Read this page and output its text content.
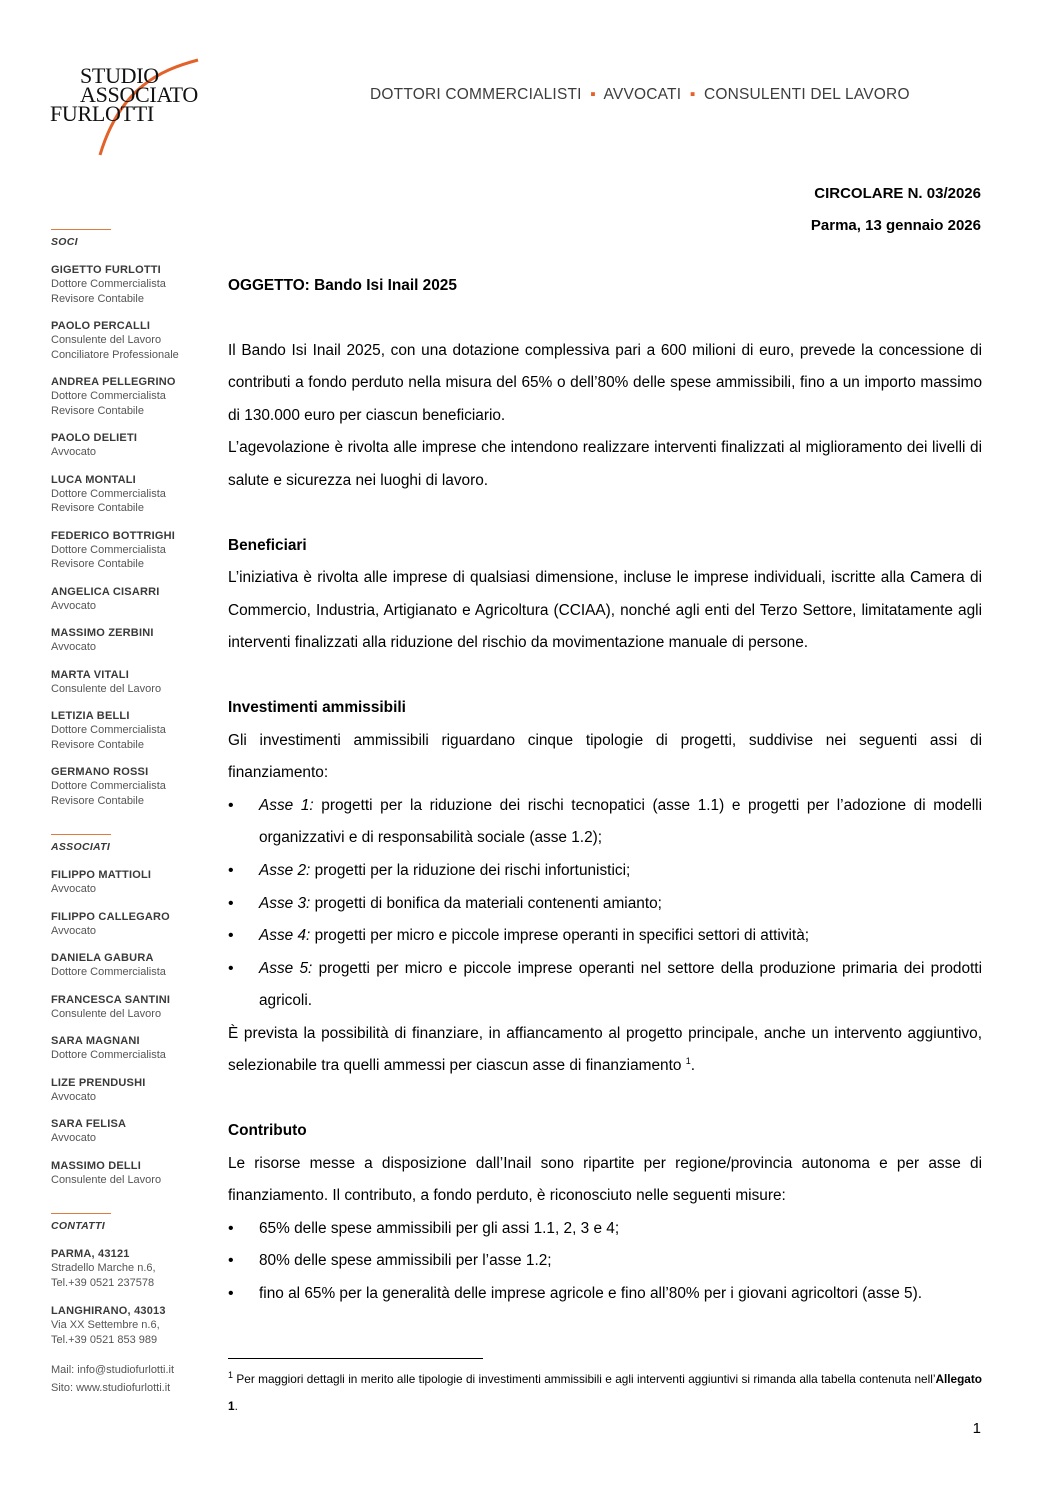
STUDIO
ASSOCIATO
FURLOTTI
DOTTORI COMMERCIALISTI ▪ AVVOCATI ▪ CONSULENTI DEL LAVORO
SOCI
GIGETTO FURLOTTI
Dottore Commercialista
Revisore Contabile
PAOLO PERCALLI
Consulente del Lavoro
Conciliatore Professionale
ANDREA PELLEGRINO
Dottore Commercialista
Revisore Contabile
PAOLO DELIETI
Avvocato
LUCA MONTALI
Dottore Commercialista
Revisore Contabile
FEDERICO BOTTRIGHI
Dottore Commercialista
Revisore Contabile
ANGELICA CISARRI
Avvocato
MASSIMO ZERBINI
Avvocato
MARTA VITALI
Consulente del Lavoro
LETIZIA BELLI
Dottore Commercialista
Revisore Contabile
GERMANO ROSSI
Dottore Commercialista
Revisore Contabile
ASSOCIATI
FILIPPO MATTIOLI
Avvocato
FILIPPO CALLEGARO
Avvocato
DANIELA GABURA
Dottore Commercialista
FRANCESCA SANTINI
Consulente del Lavoro
SARA MAGNANI
Dottore Commercialista
LIZE PRENDUSHI
Avvocato
SARA FELISA
Avvocato
MASSIMO DELLI
Consulente del Lavoro
CONTATTI
PARMA, 43121
Stradello Marche n.6,
Tel.+39 0521 237578
LANGHIRANO, 43013
Via XX Settembre n.6,
Tel.+39 0521 853 989
Mail: info@studiofurlotti.it
Sito: www.studiofurlotti.it
CIRCOLARE N. 03/2026
Parma, 13 gennaio 2026
OGGETTO: Bando Isi Inail 2025

Il Bando Isi Inail 2025, con una dotazione complessiva pari a 600 milioni di euro, prevede la concessione di contributi a fondo perduto nella misura del 65% o dell’80% delle spese ammissibili, fino a un importo massimo di 130.000 euro per ciascun beneficiario.

L’agevolazione è rivolta alle imprese che intendono realizzare interventi finalizzati al miglioramento dei livelli di salute e sicurezza nei luoghi di lavoro.

Beneficiari

L’iniziativa è rivolta alle imprese di qualsiasi dimensione, incluse le imprese individuali, iscritte alla Camera di Commercio, Industria, Artigianato e Agricoltura (CCIAA), nonché agli enti del Terzo Settore, limitatamente agli interventi finalizzati alla riduzione del rischio da movimentazione manuale di persone.

Investimenti ammissibili

Gli investimenti ammissibili riguardano cinque tipologie di progetti, suddivise nei seguenti assi di finanziamento:

• Asse 1: progetti per la riduzione dei rischi tecnopatici (asse 1.1) e progetti per l’adozione di modelli organizzativi e di responsabilità sociale (asse 1.2);
• Asse 2: progetti per la riduzione dei rischi infortunistici;
• Asse 3: progetti di bonifica da materiali contenenti amianto;
• Asse 4: progetti per micro e piccole imprese operanti in specifici settori di attività;
• Asse 5: progetti per micro e piccole imprese operanti nel settore della produzione primaria dei prodotti agricoli.

È prevista la possibilità di finanziare, in affiancamento al progetto principale, anche un intervento aggiuntivo, selezionabile tra quelli ammessi per ciascun asse di finanziamento $^1$.

Contributo

Le risorse messe a disposizione dall’Inail sono ripartite per regione/provincia autonoma e per asse di finanziamento. Il contributo, a fondo perduto, è riconosciuto nelle seguenti misure:

• 65% delle spese ammissibili per gli assi 1.1, 2, 3 e 4;
• 80% delle spese ammissibili per l’asse 1.2;
• fino al 65% per la generalità delle imprese agricole e fino all’80% per i giovani agricoltori (asse 5).
$^1$ Per maggiori dettagli in merito alle tipologie di investimenti ammissibili e agli interventi aggiuntivi si rimanda alla tabella contenuta nell’Allegato 1.
1
